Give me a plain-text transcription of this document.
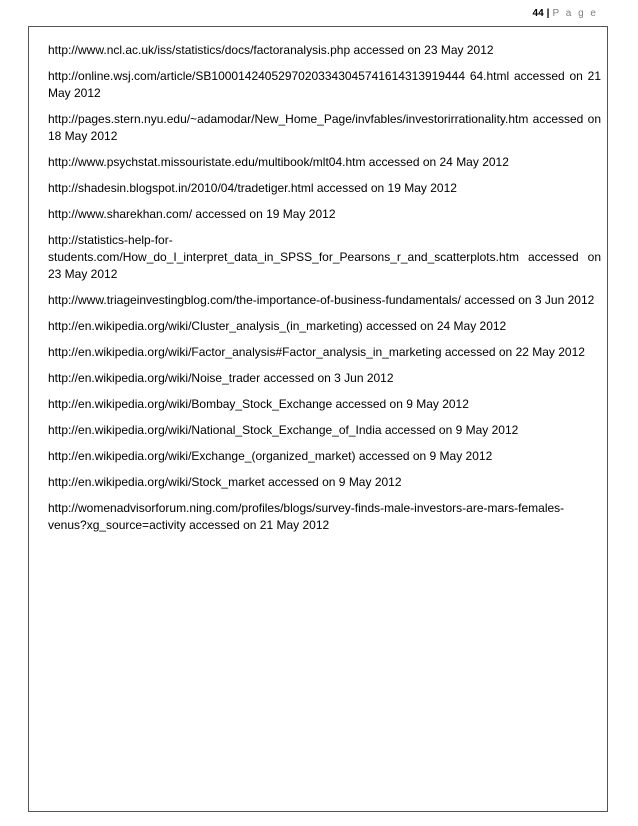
44 | P a g e

http://www.ncl.ac.uk/iss/statistics/docs/factoranalysis.php accessed on 23 May 2012

http://online.wsj.com/article/SB10001424052970203343045741614313919444 64.html accessed on 21 May 2012

http://pages.stern.nyu.edu/~adamodar/New_Home_Page/invfables/investorirrationality.htm accessed on 18 May 2012

http://www.psychstat.missouristate.edu/multibook/mlt04.htm accessed on 24 May 2012

http://shadesin.blogspot.in/2010/04/tradetiger.html accessed on 19 May 2012

http://www.sharekhan.com/ accessed on 19 May 2012

http://statistics-help-for-students.com/How_do_I_interpret_data_in_SPSS_for_Pearsons_r_and_scatterplots.htm accessed on 23 May 2012

http://www.triageinvestingblog.com/the-importance-of-business-fundamentals/ accessed on 3 Jun 2012

http://en.wikipedia.org/wiki/Cluster_analysis_(in_marketing) accessed on 24 May 2012

http://en.wikipedia.org/wiki/Factor_analysis#Factor_analysis_in_marketing accessed on 22 May 2012

http://en.wikipedia.org/wiki/Noise_trader accessed on 3 Jun 2012

http://en.wikipedia.org/wiki/Bombay_Stock_Exchange accessed on 9 May 2012

http://en.wikipedia.org/wiki/National_Stock_Exchange_of_India accessed on 9 May 2012

http://en.wikipedia.org/wiki/Exchange_(organized_market) accessed on 9 May 2012

http://en.wikipedia.org/wiki/Stock_market accessed on 9 May 2012

http://womenadvisorforum.ning.com/profiles/blogs/survey-finds-male-investors-are-mars-females-venus?xg_source=activity accessed on 21 May 2012
